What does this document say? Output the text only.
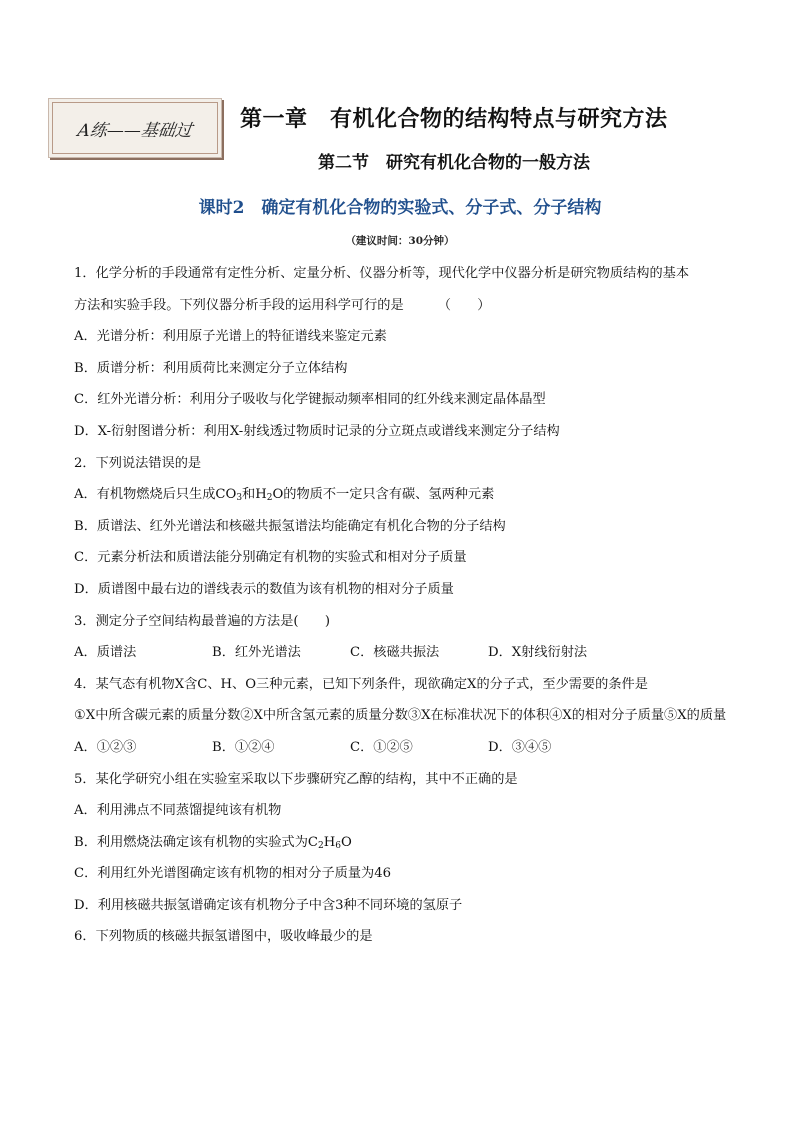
A练——基础过 第一章　有机化合物的结构特点与研究方法
第二节　研究有机化合物的一般方法
课时2　确定有机化合物的实验式、分子式、分子结构
（建议时间：30分钟）
1．化学分析的手段通常有定性分析、定量分析、仪器分析等，现代化学中仪器分析是研究物质结构的基本
方法和实验手段。下列仪器分析手段的运用科学可行的是	（　　）
A．光谱分析：利用原子光谱上的特征谱线来鉴定元素
B．质谱分析：利用质荷比来测定分子立体结构
C．红外光谱分析：利用分子吸收与化学键振动频率相同的红外线来测定晶体晶型
D．X-衍射图谱分析：利用X-射线透过物质时记录的分立斑点或谱线来测定分子结构
2．下列说法错误的是
A．有机物燃烧后只生成$CO_3$和$H_2O$的物质不一定只含有碳、氢两种元素
B．质谱法、红外光谱法和核磁共振氢谱法均能确定有机化合物的分子结构
C．元素分析法和质谱法能分别确定有机物的实验式和相对分子质量
D．质谱图中最右边的谱线表示的数值为该有机物的相对分子质量
3．测定分子空间结构最普遍的方法是(　　)
A．质谱法	B．红外光谱法	C．核磁共振法	D．X射线衍射法
4．某气态有机物X含C、H、O三种元素，已知下列条件，现欲确定X的分子式，至少需要的条件是
①X中所含碳元素的质量分数②X中所含氢元素的质量分数③X在标准状况下的体积④X的相对分子质量⑤X的质量
A．①②③	B．①②④	C．①②⑤	D．③④⑤
5．某化学研究小组在实验室采取以下步骤研究乙醇的结构，其中不正确的是
A．利用沸点不同蒸馏提纯该有机物
B．利用燃烧法确定该有机物的实验式为$C_2H_6O$
C．利用红外光谱图确定该有机物的相对分子质量为46
D．利用核磁共振氢谱确定该有机物分子中含3种不同环境的氢原子
6．下列物质的核磁共振氢谱图中，吸收峰最少的是
